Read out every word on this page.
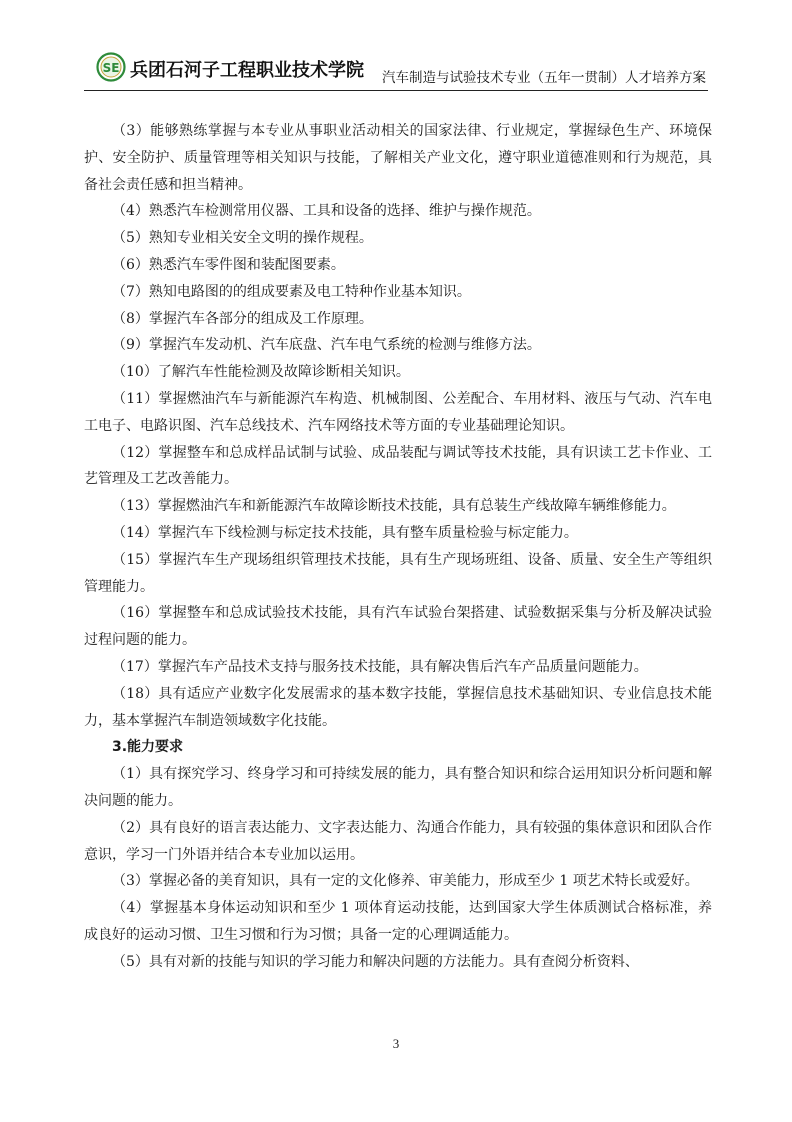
SE 兵团石河子工程职业技术学院 汽车制造与试验技术专业（五年一贯制）人才培养方案

（3）能够熟练掌握与本专业从事职业活动相关的国家法律、行业规定，掌握绿色生产、环境保护、安全防护、质量管理等相关知识与技能，了解相关产业文化，遵守职业道德准则和行为规范，具备社会责任感和担当精神。

（4）熟悉汽车检测常用仪器、工具和设备的选择、维护与操作规范。

（5）熟知专业相关安全文明的操作规程。

（6）熟悉汽车零件图和装配图要素。

（7）熟知电路图的的组成要素及电工特种作业基本知识。

（8）掌握汽车各部分的组成及工作原理。

（9）掌握汽车发动机、汽车底盘、汽车电气系统的检测与维修方法。

（10）了解汽车性能检测及故障诊断相关知识。

（11）掌握燃油汽车与新能源汽车构造、机械制图、公差配合、车用材料、液压与气动、汽车电工电子、电路识图、汽车总线技术、汽车网络技术等方面的专业基础理论知识。

（12）掌握整车和总成样品试制与试验、成品装配与调试等技术技能，具有识读工艺卡作业、工艺管理及工艺改善能力。

（13）掌握燃油汽车和新能源汽车故障诊断技术技能，具有总装生产线故障车辆维修能力。

（14）掌握汽车下线检测与标定技术技能，具有整车质量检验与标定能力。

（15）掌握汽车生产现场组织管理技术技能，具有生产现场班组、设备、质量、安全生产等组织管理能力。

（16）掌握整车和总成试验技术技能，具有汽车试验台架搭建、试验数据采集与分析及解决试验过程问题的能力。

（17）掌握汽车产品技术支持与服务技术技能，具有解决售后汽车产品质量问题能力。

（18）具有适应产业数字化发展需求的基本数字技能，掌握信息技术基础知识、专业信息技术能力，基本掌握汽车制造领域数字化技能。

3.能力要求

（1）具有探究学习、终身学习和可持续发展的能力，具有整合知识和综合运用知识分析问题和解决问题的能力。

（2）具有良好的语言表达能力、文字表达能力、沟通合作能力，具有较强的集体意识和团队合作意识，学习一门外语并结合本专业加以运用。

（3）掌握必备的美育知识，具有一定的文化修养、审美能力，形成至少 1 项艺术特长或爱好。

（4）掌握基本身体运动知识和至少 1 项体育运动技能，达到国家大学生体质测试合格标准，养成良好的运动习惯、卫生习惯和行为习惯；具备一定的心理调适能力。

（5）具有对新的技能与知识的学习能力和解决问题的方法能力。具有查阅分析资料、

3
